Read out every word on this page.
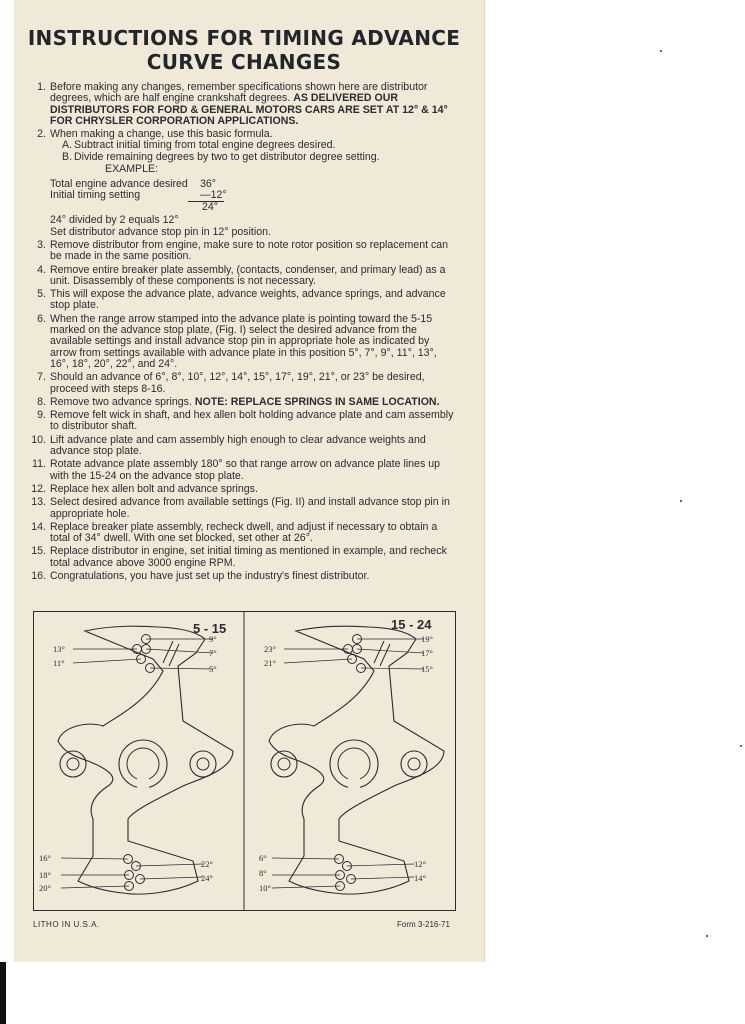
INSTRUCTIONS FOR TIMING ADVANCE
CURVE CHANGES
1. Before making any changes, remember specifications shown here are distributor degrees, which are half engine crankshaft degrees. AS DELIVERED OUR DISTRIBUTORS FOR FORD & GENERAL MOTORS CARS ARE SET AT 12° & 14° FOR CHRYSLER CORPORATION APPLICATIONS.
2. When making a change, use this basic formula.
A. Subtract initial timing from total engine degrees desired.
B. Divide remaining degrees by two to get distributor degree setting.
EXAMPLE:
Total engine advance desired	36°
Initial timing setting	—12°
24°
24° divided by 2 equals 12°
Set distributor advance stop pin in 12° position.
3. Remove distributor from engine, make sure to note rotor position so replacement can be made in the same position.
4. Remove entire breaker plate assembly, (contacts, condenser, and primary lead) as a unit. Disassembly of these components is not necessary.
5. This will expose the advance plate, advance weights, advance springs, and advance stop plate.
6. When the range arrow stamped into the advance plate is pointing toward the 5-15 marked on the advance stop plate, (Fig. I) select the desired advance from the available settings and install advance stop pin in appropriate hole as indicated by arrow from settings available with advance plate in this position 5°, 7°, 9°, 11°, 13°, 16°, 18°, 20°, 22°, and 24°.
7. Should an advance of 6°, 8°, 10°, 12°, 14°, 15°, 17°, 19°, 21°, or 23° be desired, proceed with steps 8-16.
8. Remove two advance springs. NOTE: REPLACE SPRINGS IN SAME LOCATION.
9. Remove felt wick in shaft, and hex allen bolt holding advance plate and cam assembly to distributor shaft.
10. Lift advance plate and cam assembly high enough to clear advance weights and advance stop plate.
11. Rotate advance plate assembly 180° so that range arrow on advance plate lines up with the 15-24 on the advance stop plate.
12. Replace hex allen bolt and advance springs.
13. Select desired advance from available settings (Fig. II) and install advance stop pin in appropriate hole.
14. Replace breaker plate assembly, recheck dwell, and adjust if necessary to obtain a total of 34° dwell. With one set blocked, set other at 26°.
15. Replace distributor in engine, set initial timing as mentioned in example, and recheck total advance above 3000 engine RPM.
16. Congratulations, you have just set up the industry's finest distributor.
5 - 15
13°
11°
9°
7°
5°
16°
18°
20°
22°
24°
15 - 24
23°
21°
19°
17°
15°
6°
8°
10°
12°
14°
LITHO IN U.S.A.	Form 3-216-71
